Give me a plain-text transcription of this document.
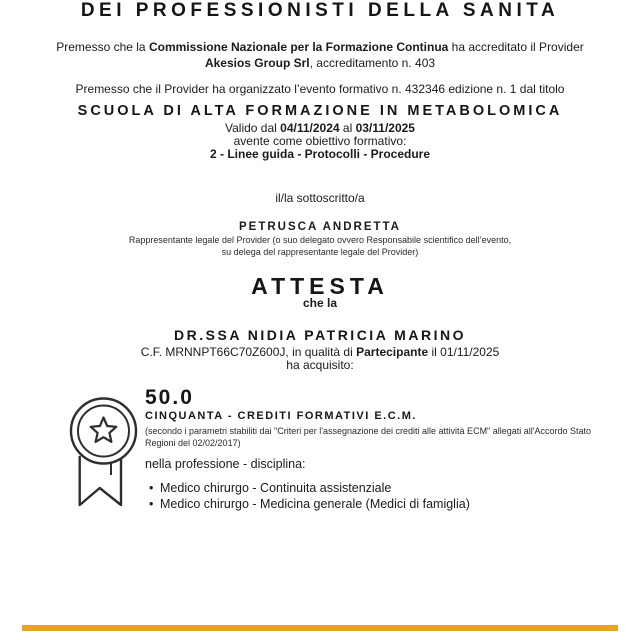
DEI PROFESSIONISTI DELLA SANITA
Premesso che la Commissione Nazionale per la Formazione Continua ha accreditato il Provider
Akesios Group Srl, accreditamento n. 403
Premesso che il Provider ha organizzato l’evento formativo n. 432346 edizione n. 1 dal titolo
SCUOLA DI ALTA FORMAZIONE IN METABOLOMICA
Valido dal 04/11/2024 al 03/11/2025
avente come obiettivo formativo:
2 - Linee guida - Protocolli - Procedure
il/la sottoscritto/a
PETRUSCA ANDRETTA
Rappresentante legale del Provider (o suo delegato ovvero Responsabile scientifico dell’evento,
su delega del rappresentante legale del Provider)
ATTESTA
che la
DR.SSA NIDIA PATRICIA MARINO
C.F. MRNNPT66C70Z600J, in qualità di Partecipante il 01/11/2025
ha acquisito:
50.0
CINQUANTA - CREDITI FORMATIVI E.C.M.
(secondo i parametri stabiliti dai "Criteri per l'assegnazione dei crediti alle attività ECM" allegati all'Accordo Stato Regioni del 02/02/2017)
nella professione - disciplina:
• Medico chirurgo - Continuita assistenziale
• Medico chirurgo - Medicina generale (Medici di famiglia)
